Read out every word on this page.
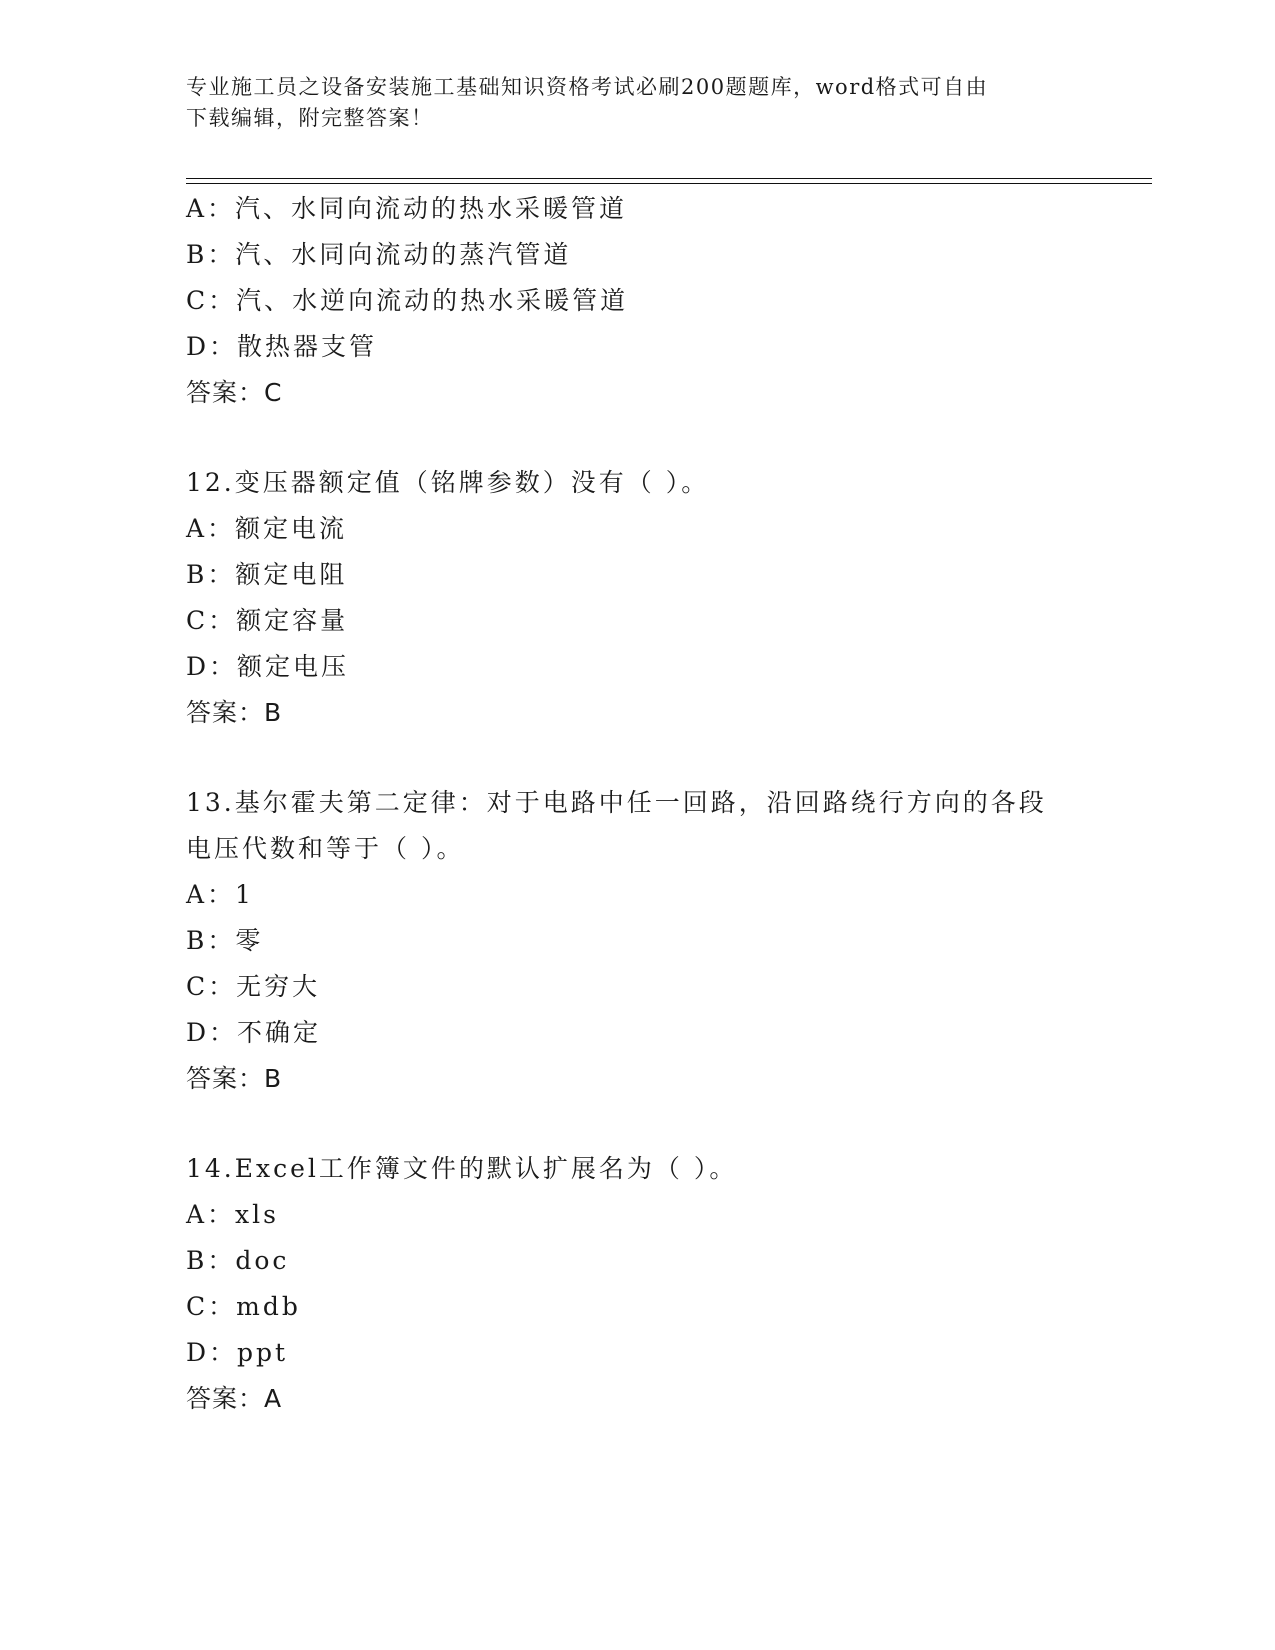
专业施工员之设备安装施工基础知识资格考试必刷200题题库，word格式可自由
下载编辑，附完整答案！
A：汽、水同向流动的热水采暖管道
B：汽、水同向流动的蒸汽管道
C：汽、水逆向流动的热水采暖管道
D：散热器支管
答案：C
12.变压器额定值（铭牌参数）没有（ ）。
A：额定电流
B：额定电阻
C：额定容量
D：额定电压
答案：B
13.基尔霍夫第二定律：对于电路中任一回路，沿回路绕行方向的各段
电压代数和等于（ ）。
A：1
B：零
C：无穷大
D：不确定
答案：B
14.Excel工作簿文件的默认扩展名为（ ）。
A：xls
B：doc
C：mdb
D：ppt
答案：A
